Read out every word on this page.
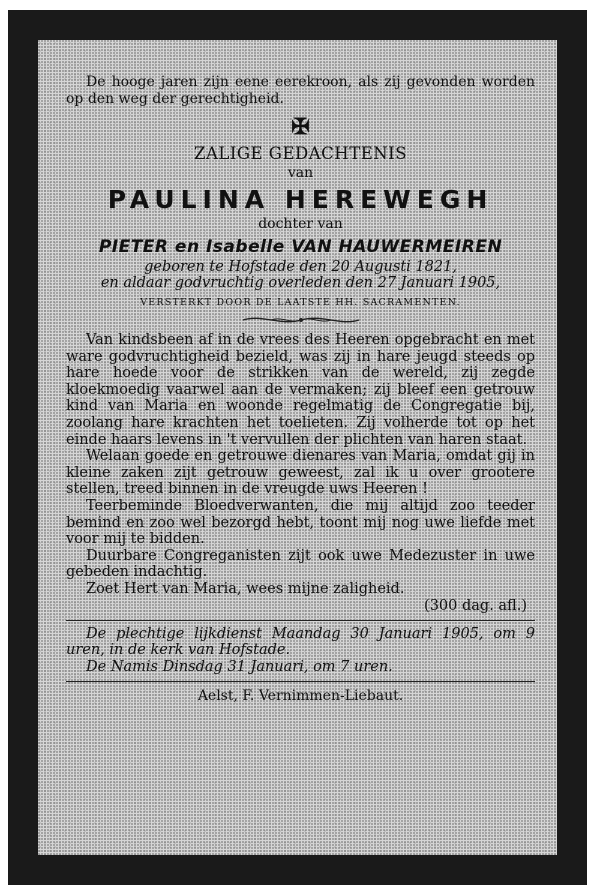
De hooge jaren zijn eene eerekroon, als zij gevonden worden op den weg der gerechtigheid.

✠

ZALIGE GEDACHTENIS

van

PAULINA HEREWEGH

dochter van

PIETER en Isabelle VAN HAUWERMEIREN

geboren te Hofstade den 20 Augusti 1821,

en aldaar godvruchtig overleden den 27 Januari 1905,

VERSTERKT DOOR DE LAATSTE HH. SACRAMENTEN.

Van kindsbeen af in de vrees des Heeren opgebracht en met ware godvruchtigheid bezield, was zij in hare jeugd steeds op hare hoede voor de strikken van de wereld, zij zegde kloekmoedig vaarwel aan de vermaken; zij bleef een getrouw kind van Maria en woonde regelmatig de Congregatie bij, zoolang hare krachten het toelieten. Zij volherde tot op het einde haars levens in 't vervullen der plichten van haren staat.

Welaan goede en getrouwe dienares van Maria, omdat gij in kleine zaken zijt getrouw geweest, zal ik u over grootere stellen, treed binnen in de vreugde uws Heeren !

Teerbeminde Bloedverwanten, die mij altijd zoo teeder bemind en zoo wel bezorgd hebt, toont mij nog uwe liefde met voor mij te bidden.

Duurbare Congreganisten zijt ook uwe Medezuster in uwe gebeden indachtig.

Zoet Hert van Maria, wees mijne zaligheid.

(300 dag. afl.)

De plechtige lijkdienst Maandag 30 Januari 1905, om 9 uren, in de kerk van Hofstade.

De Namis Dinsdag 31 Januari, om 7 uren.

Aelst, F. Vernimmen-Liebaut.
